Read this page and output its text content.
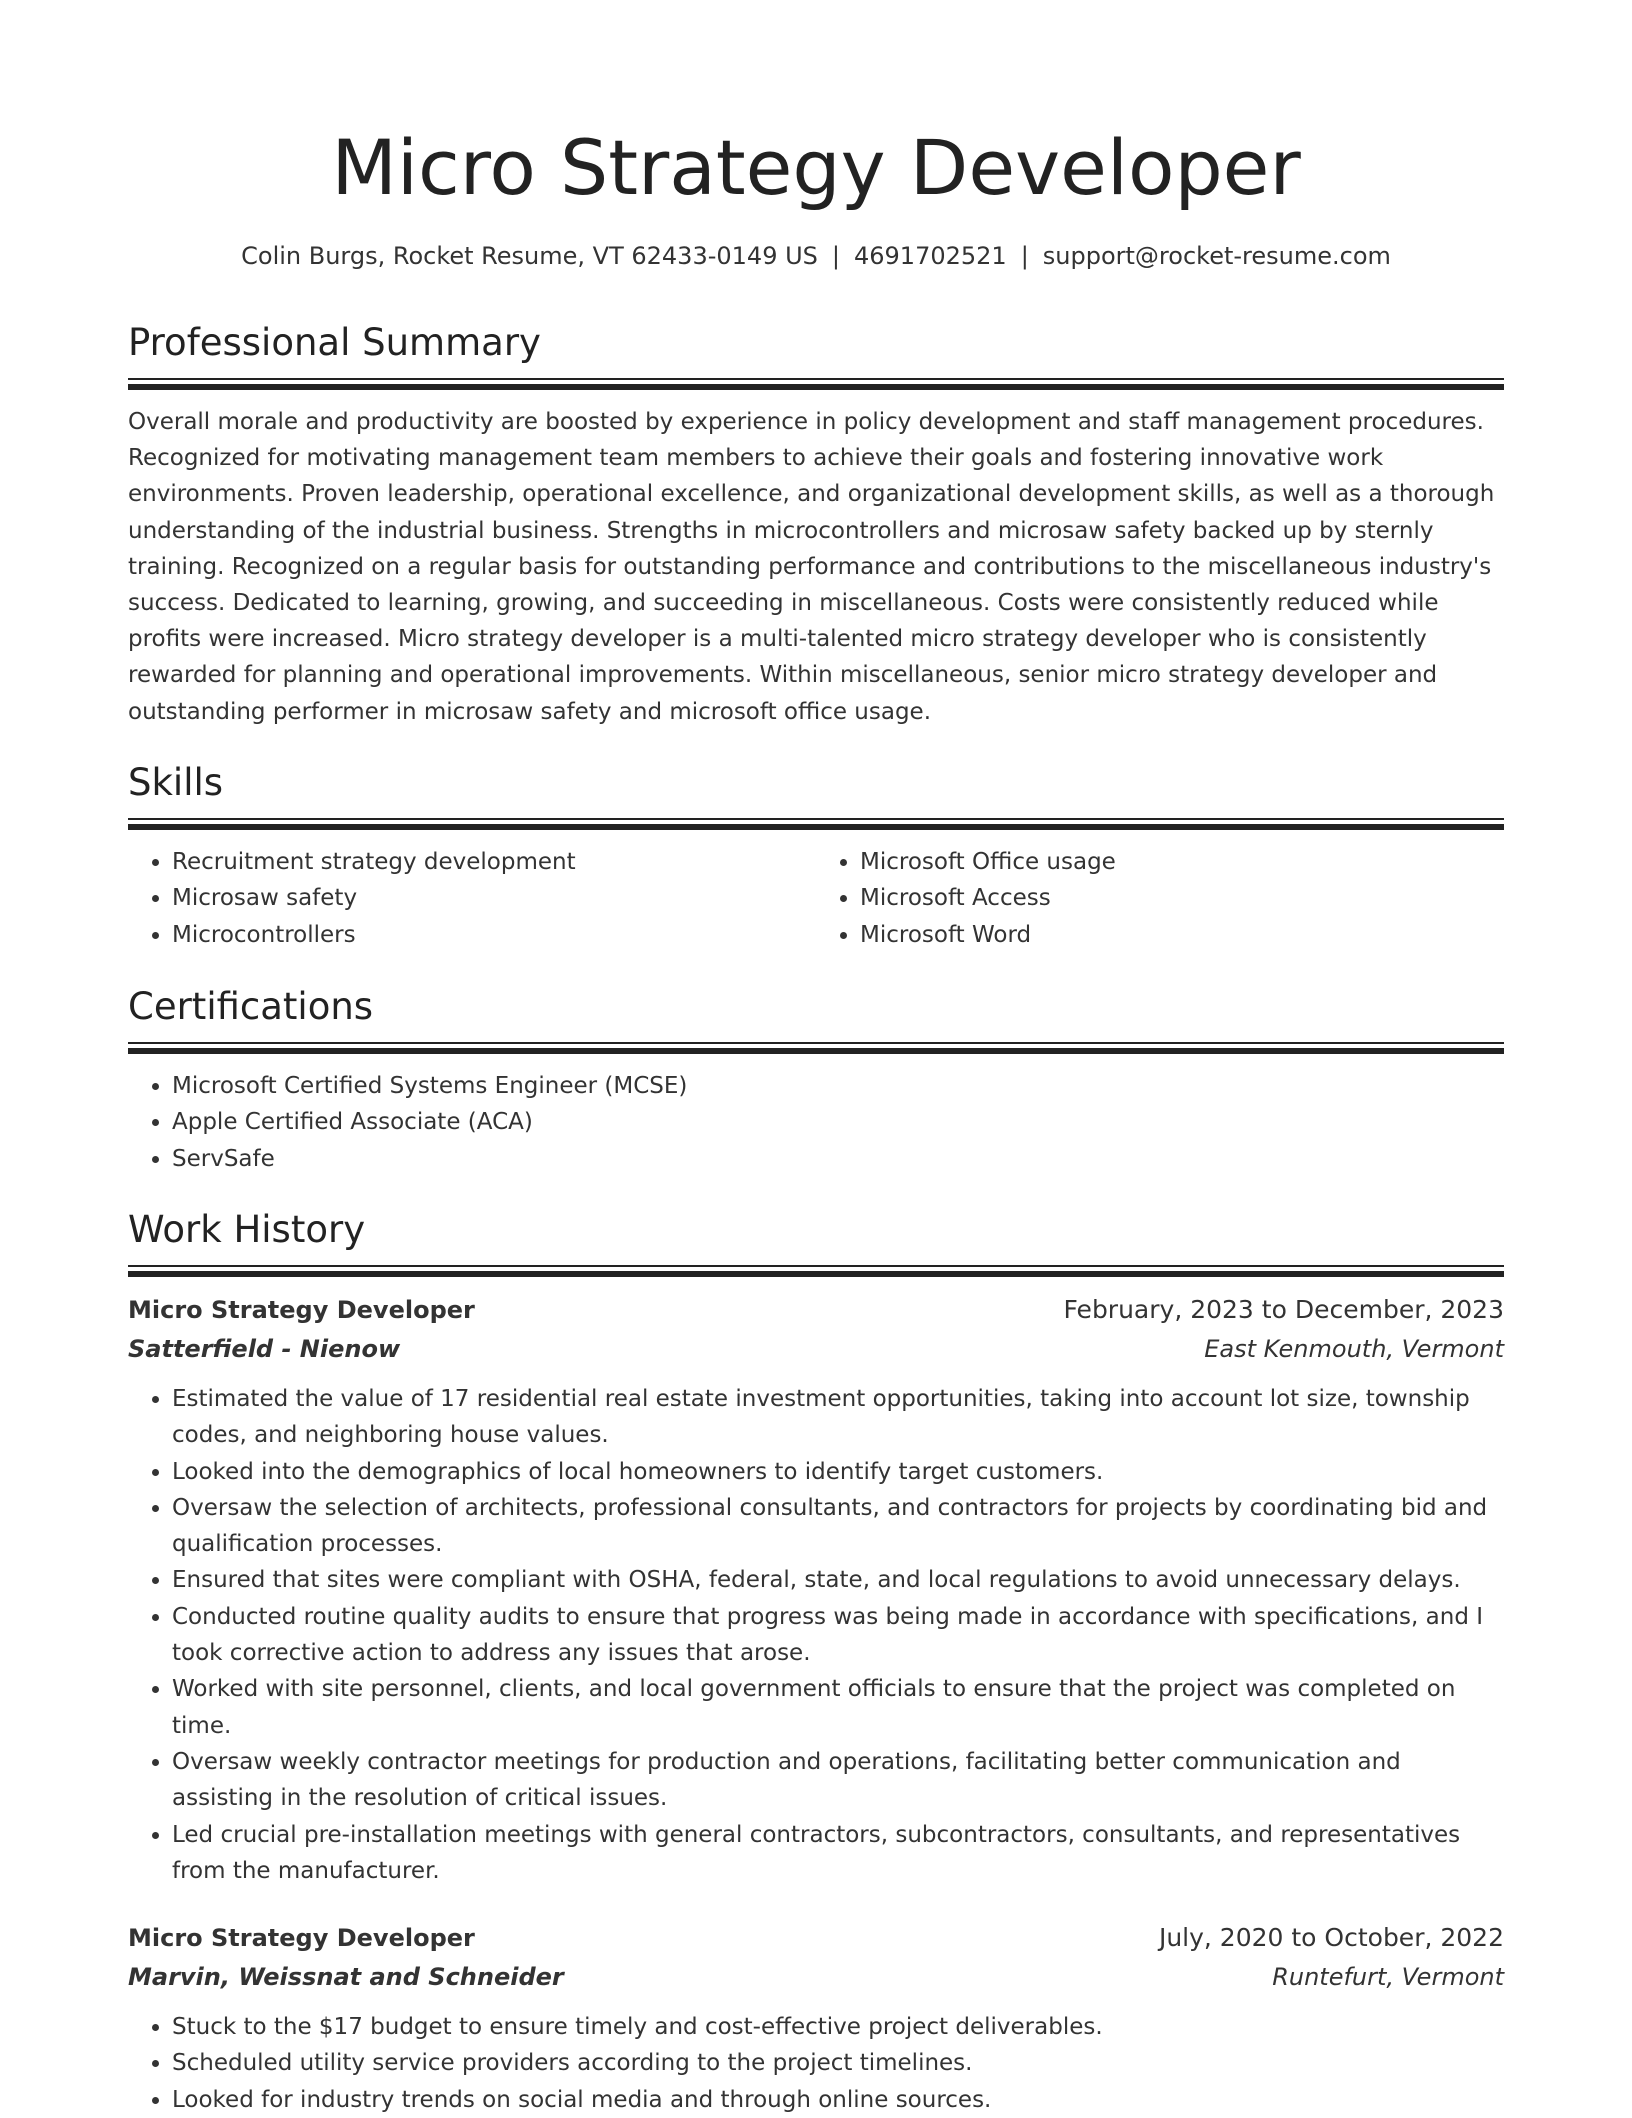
Micro Strategy Developer
Colin Burgs, Rocket Resume, VT 62433-0149 US | 4691702521 | support@rocket-resume.com
Professional Summary

Overall morale and productivity are boosted by experience in policy development and staff management procedures. Recognized for motivating management team members to achieve their goals and fostering innovative work environments. Proven leadership, operational excellence, and organizational development skills, as well as a thorough understanding of the industrial business. Strengths in microcontrollers and microsaw safety backed up by sternly training. Recognized on a regular basis for outstanding performance and contributions to the miscellaneous industry's success. Dedicated to learning, growing, and succeeding in miscellaneous. Costs were consistently reduced while profits were increased. Micro strategy developer is a multi-talented micro strategy developer who is consistently rewarded for planning and operational improvements. Within miscellaneous, senior micro strategy developer and outstanding performer in microsaw safety and microsoft office usage.

Skills
• Recruitment strategy development
• Microsaw safety
• Microcontrollers
• Microsoft Office usage
• Microsoft Access
• Microsoft Word
Certifications
• Microsoft Certified Systems Engineer (MCSE)
• Apple Certified Associate (ACA)
• ServSafe
Work History
Micro Strategy Developer	February, 2023 to December, 2023
Satterfield - Nienow	East Kenmouth, Vermont
• Estimated the value of 17 residential real estate investment opportunities, taking into account lot size, township codes, and neighboring house values.
• Looked into the demographics of local homeowners to identify target customers.
• Oversaw the selection of architects, professional consultants, and contractors for projects by coordinating bid and qualification processes.
• Ensured that sites were compliant with OSHA, federal, state, and local regulations to avoid unnecessary delays.
• Conducted routine quality audits to ensure that progress was being made in accordance with specifications, and I took corrective action to address any issues that arose.
• Worked with site personnel, clients, and local government officials to ensure that the project was completed on time.
• Oversaw weekly contractor meetings for production and operations, facilitating better communication and assisting in the resolution of critical issues.
• Led crucial pre-installation meetings with general contractors, subcontractors, consultants, and representatives from the manufacturer.
Micro Strategy Developer	July, 2020 to October, 2022
Marvin, Weissnat and Schneider	Runtefurt, Vermont
• Stuck to the $17 budget to ensure timely and cost-effective project deliverables.
• Scheduled utility service providers according to the project timelines.
• Looked for industry trends on social media and through online sources.
